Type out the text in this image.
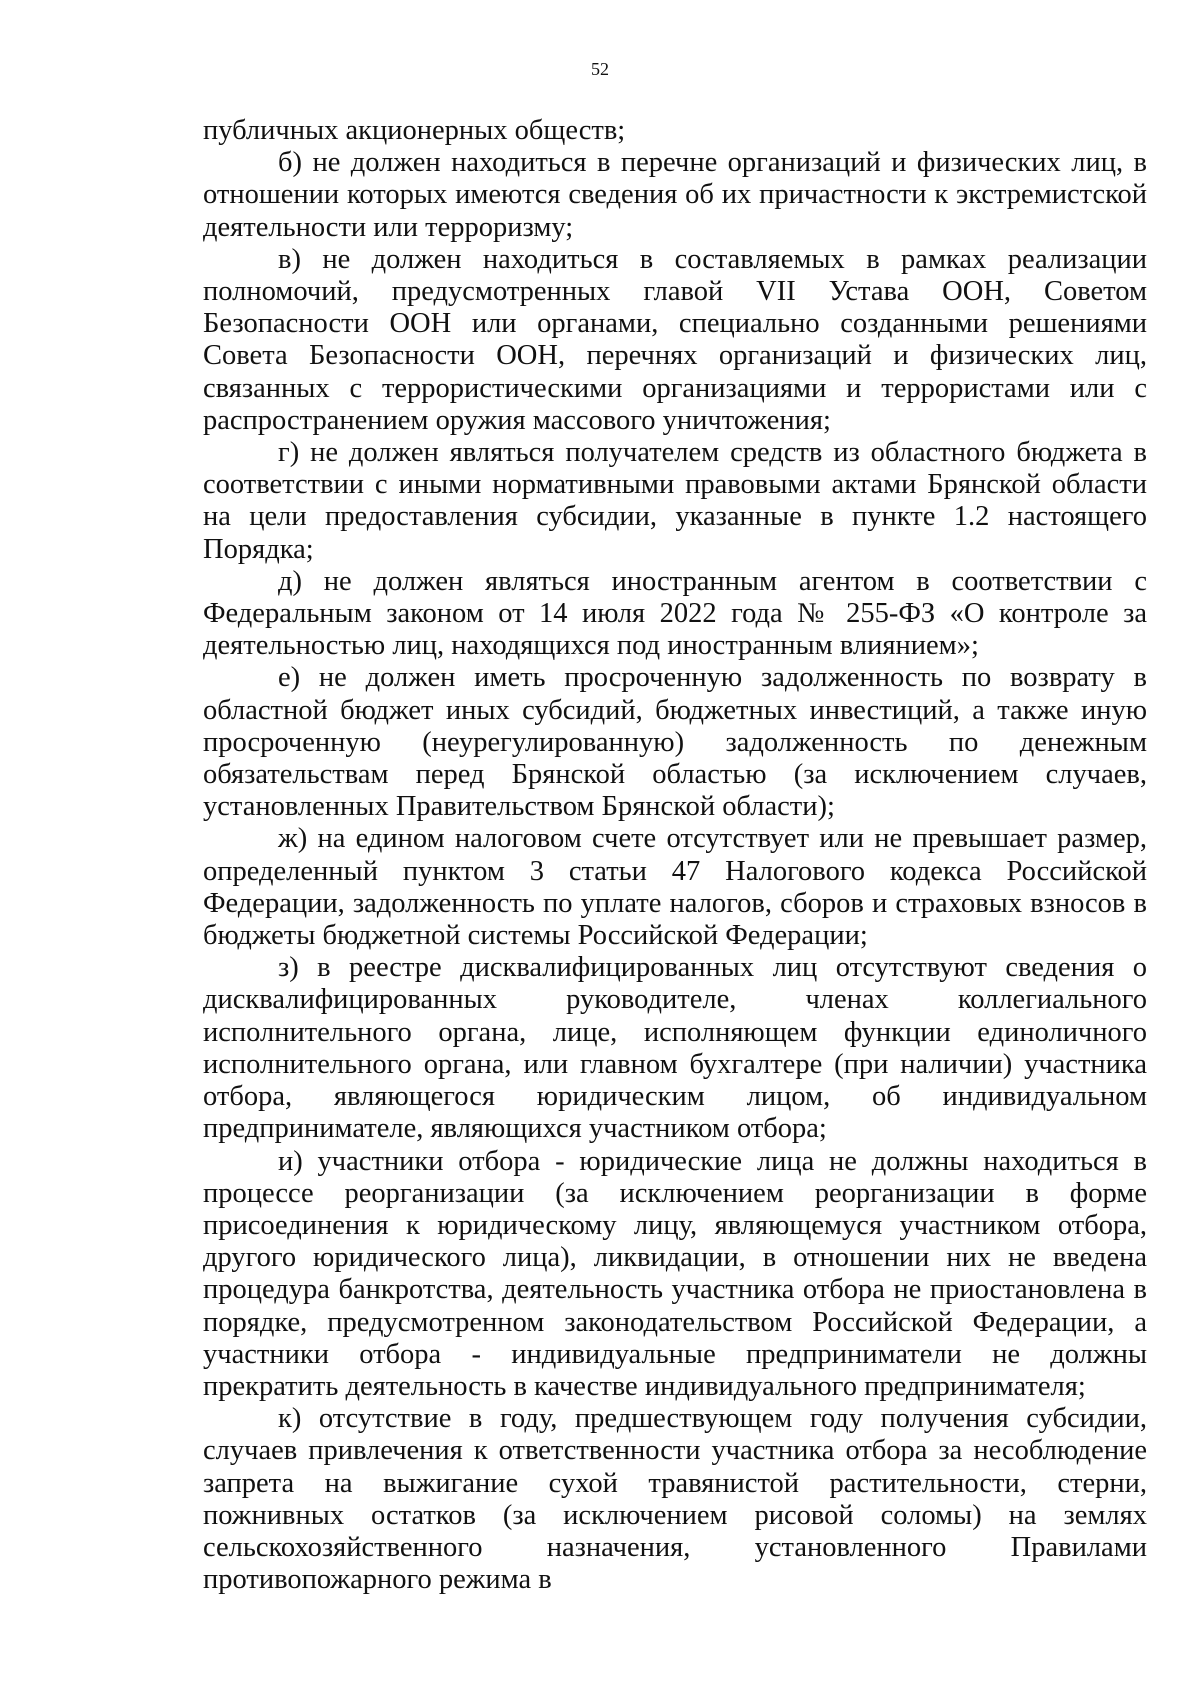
52

публичных акционерных обществ;

б) не должен находиться в перечне организаций и физических лиц, в отношении которых имеются сведения об их причастности к экстремистской деятельности или терроризму;

в) не должен находиться в составляемых в рамках реализации полномочий, предусмотренных главой VII Устава ООН, Советом Безопасности ООН или органами, специально созданными решениями Совета Безопасности ООН, перечнях организаций и физических лиц, связанных с террористическими организациями и террористами или с распространением оружия массового уничтожения;

г) не должен являться получателем средств из областного бюджета в соответствии с иными нормативными правовыми актами Брянской области на цели предоставления субсидии, указанные в пункте 1.2 настоящего Порядка;

д) не должен являться иностранным агентом в соответствии с Федеральным законом от 14 июля 2022 года № 255-ФЗ «О контроле за деятельностью лиц, находящихся под иностранным влиянием»;

е) не должен иметь просроченную задолженность по возврату в областной бюджет иных субсидий, бюджетных инвестиций, а также иную просроченную (неурегулированную) задолженность по денежным обязательствам перед Брянской областью (за исключением случаев, установленных Правительством Брянской области);

ж) на едином налоговом счете отсутствует или не превышает размер, определенный пунктом 3 статьи 47 Налогового кодекса Российской Федерации, задолженность по уплате налогов, сборов и страховых взносов в бюджеты бюджетной системы Российской Федерации;

з) в реестре дисквалифицированных лиц отсутствуют сведения о дисквалифицированных руководителе, членах коллегиального исполнительного органа, лице, исполняющем функции единоличного исполнительного органа, или главном бухгалтере (при наличии) участника отбора, являющегося юридическим лицом, об индивидуальном предпринимателе, являющихся участником отбора;

и) участники отбора - юридические лица не должны находиться в процессе реорганизации (за исключением реорганизации в форме присоединения к юридическому лицу, являющемуся участником отбора, другого юридического лица), ликвидации, в отношении них не введена процедура банкротства, деятельность участника отбора не приостановлена в порядке, предусмотренном законодательством Российской Федерации, а участники отбора - индивидуальные предприниматели не должны прекратить деятельность в качестве индивидуального предпринимателя;

к) отсутствие в году, предшествующем году получения субсидии, случаев привлечения к ответственности участника отбора за несоблюдение запрета на выжигание сухой травянистой растительности, стерни, пожнивных остатков (за исключением рисовой соломы) на землях сельскохозяйственного назначения, установленного Правилами противопожарного режима в
